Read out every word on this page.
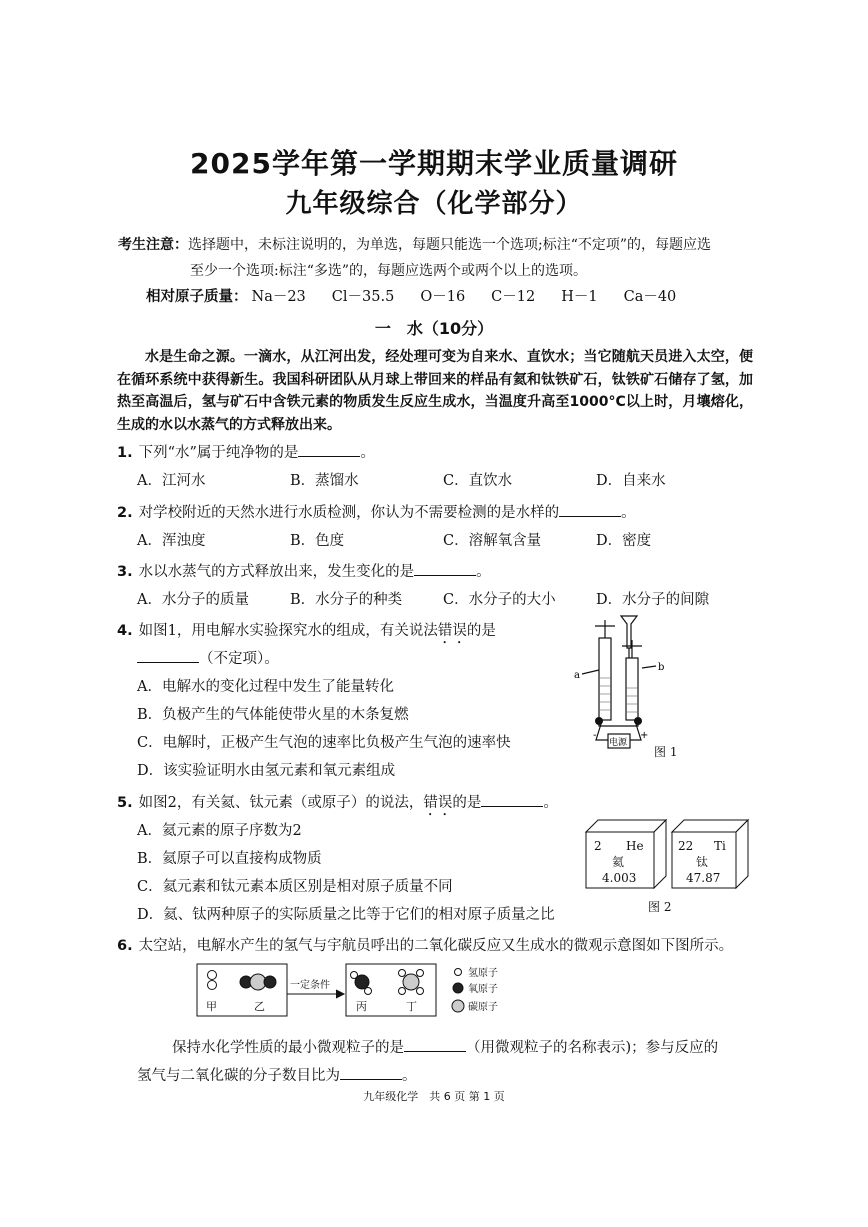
2025学年第一学期期末学业质量调研
九年级综合（化学部分）
考生注意：选择题中，未标注说明的，为单选，每题只能选一个选项;标注“不定项”的，每题应选
至少一个选项:标注“多选”的，每题应选两个或两个以上的选项。
相对原子质量： Na－23 Cl－35.5 O－16 C－12 H－1 Ca－40
一　水（10分）
水是生命之源。一滴水，从江河出发，经处理可变为自来水、直饮水；当它随航天员进入太空，便在循环系统中获得新生。我国科研团队从月球上带回来的样品有氦和钛铁矿石，钛铁矿石储存了氢，加热至高温后，氢与矿石中含铁元素的物质发生反应生成水，当温度升高至1000°C以上时，月壤熔化，生成的水以水蒸气的方式释放出来。
1. 下列“水”属于纯净物的是	。
A．江河水	B．蒸馏水	C．直饮水	D．自来水
2. 对学校附近的天然水进行水质检测，你认为不需要检测的是水样的	。
A．浑浊度	B．色度	C．溶解氧含量	D．密度
3. 水以水蒸气的方式释放出来，发生变化的是	。
A．水分子的质量	B．水分子的种类	C．水分子的大小	D．水分子的间隙
4. 如图1，用电解水实验探究水的组成，有关说法错误的是
（不定项）。
A．电解水的变化过程中发生了能量转化
B．负极产生的气体能使带火星的木条复燃
C．电解时，正极产生气泡的速率比负极产生气泡的速率快
D．该实验证明水由氢元素和氧元素组成
a
b
-	+
电源
图 1
5. 如图2，有关氦、钛元素（或原子）的说法，错误的是	。
A．氦元素的原子序数为2
B．氦原子可以直接构成物质
C．氦元素和钛元素本质区别是相对原子质量不同
D．氦、钛两种原子的实际质量之比等于它们的相对原子质量之比
2 He
氦
4.003
22 Ti
钛
47.87
图 2
6. 太空站，电解水产生的氢气与宇航员呼出的二氧化碳反应又生成水的微观示意图如下图所示。
甲	乙	丙	丁
一定条件
氢原子
氧原子
碳原子
保持水化学性质的最小微观粒子的是	（用微观粒子的名称表示)；参与反应的
氢气与二氧化碳的分子数目比为	。
九年级化学　共 6 页 第 1 页
